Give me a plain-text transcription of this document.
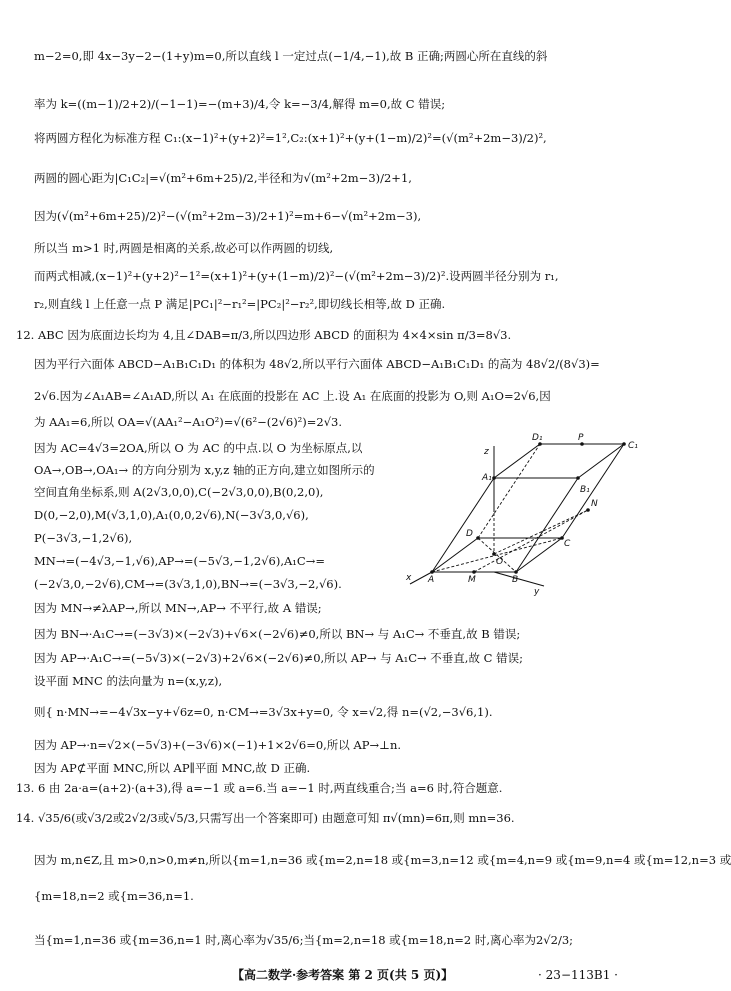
m−2=0,即 4x−3y−2−(1+y)m=0,所以直线 l 一定过点(−1/4,−1),故 B 正确;两圆心所在直线的斜
率为 k=((m−1)/2+2)/(−1−1)=−(m+3)/4,令 k=−3/4,解得 m=0,故 C 错误;
将两圆方程化为标准方程 C₁:(x−1)²+(y+2)²=1²,C₂:(x+1)²+(y+(1−m)/2)²=(√(m²+2m−3)/2)²,
两圆的圆心距为|C₁C₂|=√(m²+6m+25)/2,半径和为√(m²+2m−3)/2+1,
因为(√(m²+6m+25)/2)²−(√(m²+2m−3)/2+1)²=m+6−√(m²+2m−3),
所以当 m>1 时,两圆是相离的关系,故必可以作两圆的切线,
而两式相减,(x−1)²+(y+2)²−1²=(x+1)²+(y+(1−m)/2)²−(√(m²+2m−3)/2)².设两圆半径分别为 r₁,
r₂,则直线 l 上任意一点 P 满足|PC₁|²−r₁²=|PC₂|²−r₂²,即切线长相等,故 D 正确.
12. ABC 因为底面边长均为 4,且∠DAB=π/3,所以四边形 ABCD 的面积为 4×4×sin π/3=8√3.
因为平行六面体 ABCD−A₁B₁C₁D₁ 的体积为 48√2,所以平行六面体 ABCD−A₁B₁C₁D₁ 的高为 48√2/(8√3)=
2√6.因为∠A₁AB=∠A₁AD,所以 A₁ 在底面的投影在 AC 上.设 A₁ 在底面的投影为 O,则 A₁O=2√6,因
为 AA₁=6,所以 OA=√(AA₁²−A₁O²)=√(6²−(2√6)²)=2√3.
因为 AC=4√3=2OA,所以 O 为 AC 的中点.以 O 为坐标原点,以
OA→,OB→,OA₁→ 的方向分别为 x,y,z 轴的正方向,建立如图所示的
空间直角坐标系,则 A(2√3,0,0),C(−2√3,0,0),B(0,2,0),
D(0,−2,0),M(√3,1,0),A₁(0,0,2√6),N(−3√3,0,√6),
P(−3√3,−1,2√6),
MN→=(−4√3,−1,√6),AP→=(−5√3,−1,2√6),A₁C→=
(−2√3,0,−2√6),CM→=(3√3,1,0),BN→=(−3√3,−2,√6).
因为 MN→≠λAP→,所以 MN→,AP→ 不平行,故 A 错误;
因为 BN→·A₁C→=(−3√3)×(−2√3)+√6×(−2√6)≠0,所以 BN→ 与 A₁C→ 不垂直,故 B 错误;
因为 AP→·A₁C→=(−5√3)×(−2√3)+2√6×(−2√6)≠0,所以 AP→ 与 A₁C→ 不垂直,故 C 错误;
设平面 MNC 的法向量为 n=(x,y,z),
则{ n·MN→=−4√3x−y+√6z=0, n·CM→=3√3x+y=0, 令 x=√2,得 n=(√2,−3√6,1).
因为 AP→·n=√2×(−5√3)+(−3√6)×(−1)+1×2√6=0,所以 AP→⊥n.
因为 AP⊄平面 MNC,所以 AP∥平面 MNC,故 D 正确.
13. 6 由 2a·a=(a+2)·(a+3),得 a=−1 或 a=6.当 a=−1 时,两直线重合;当 a=6 时,符合题意.
14. √35/6(或√3/2或2√2/3或√5/3,只需写出一个答案即可) 由题意可知 π√(mn)=6π,则 mn=36.
因为 m,n∈Z,且 m>0,n>0,m≠n,所以{m=1,n=36 或{m=2,n=18 或{m=3,n=12 或{m=4,n=9 或{m=9,n=4 或{m=12,n=3 或
{m=18,n=2 或{m=36,n=1.
当{m=1,n=36 或{m=36,n=1 时,离心率为√35/6;当{m=2,n=18 或{m=18,n=2 时,离心率为2√2/3;
D₁	P
C₁
A₁
B₁
N
D
C
O
z
x A	M	B
y
【高二数学·参考答案 第 2 页(共 5 页)】	· 23−113B1 ·
